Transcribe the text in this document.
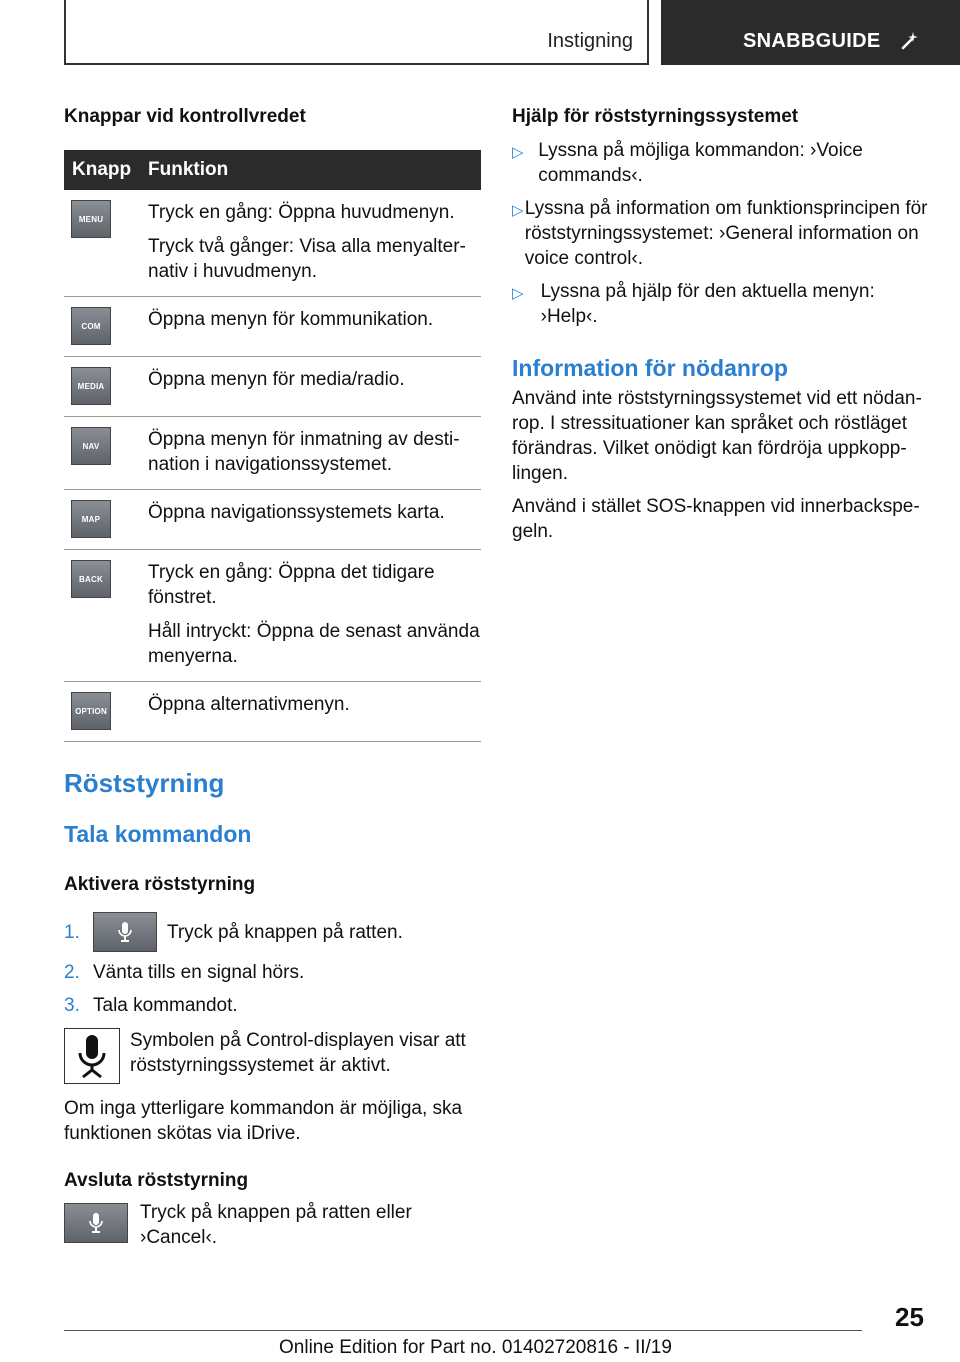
Instigning	SNABBGUIDE
Knappar vid kontrollvredet
Knapp Funktion
MENU	Tryck en gång: Öppna huvudmenyn.

Tryck två gånger: Visa alla menyalternativ i huvudmenyn.

COM	Öppna menyn för kommunikation.

MEDIA	Öppna menyn för media/radio.

NAV	Öppna menyn för inmatning av destination i navigationssystemet.

MAP	Öppna navigationssystemets karta.

BACK	Tryck en gång: Öppna det tidigare fönstret.

Håll intryckt: Öppna de senast använda menyerna.

OPTION Öppna alternativmenyn.

Röststyrning
Tala kommandon
Aktivera röststyrning
1.	Tryck på knappen på ratten.
2. Vänta tills en signal hörs.
3. Tala kommandot.
Symbolen på Control-displayen visar att röststyrningssystemet är aktivt.
Om inga ytterligare kommandon är möjliga, ska funktionen skötas via iDrive.
Avsluta röststyrning
Tryck på knappen på ratten eller ›Cancel‹.
Hjälp för röststyrningssystemet
▷ Lyssna på möjliga kommandon: ›Voice commands‹.
▷ Lyssna på information om funktionsprincipen för röststyrningssystemet: ›General information on voice control‹.
▷ Lyssna på hjälp för den aktuella menyn: ›Help‹.
Information för nödanrop
Använd inte röststyrningssystemet vid ett nödanrop. I stressituationer kan språket och röstläget förändras. Vilket onödigt kan fördröja uppkopplingen.
Använd i stället SOS-knappen vid innerbackspegeln.
25
Online Edition for Part no. 01402720816 - II/19
